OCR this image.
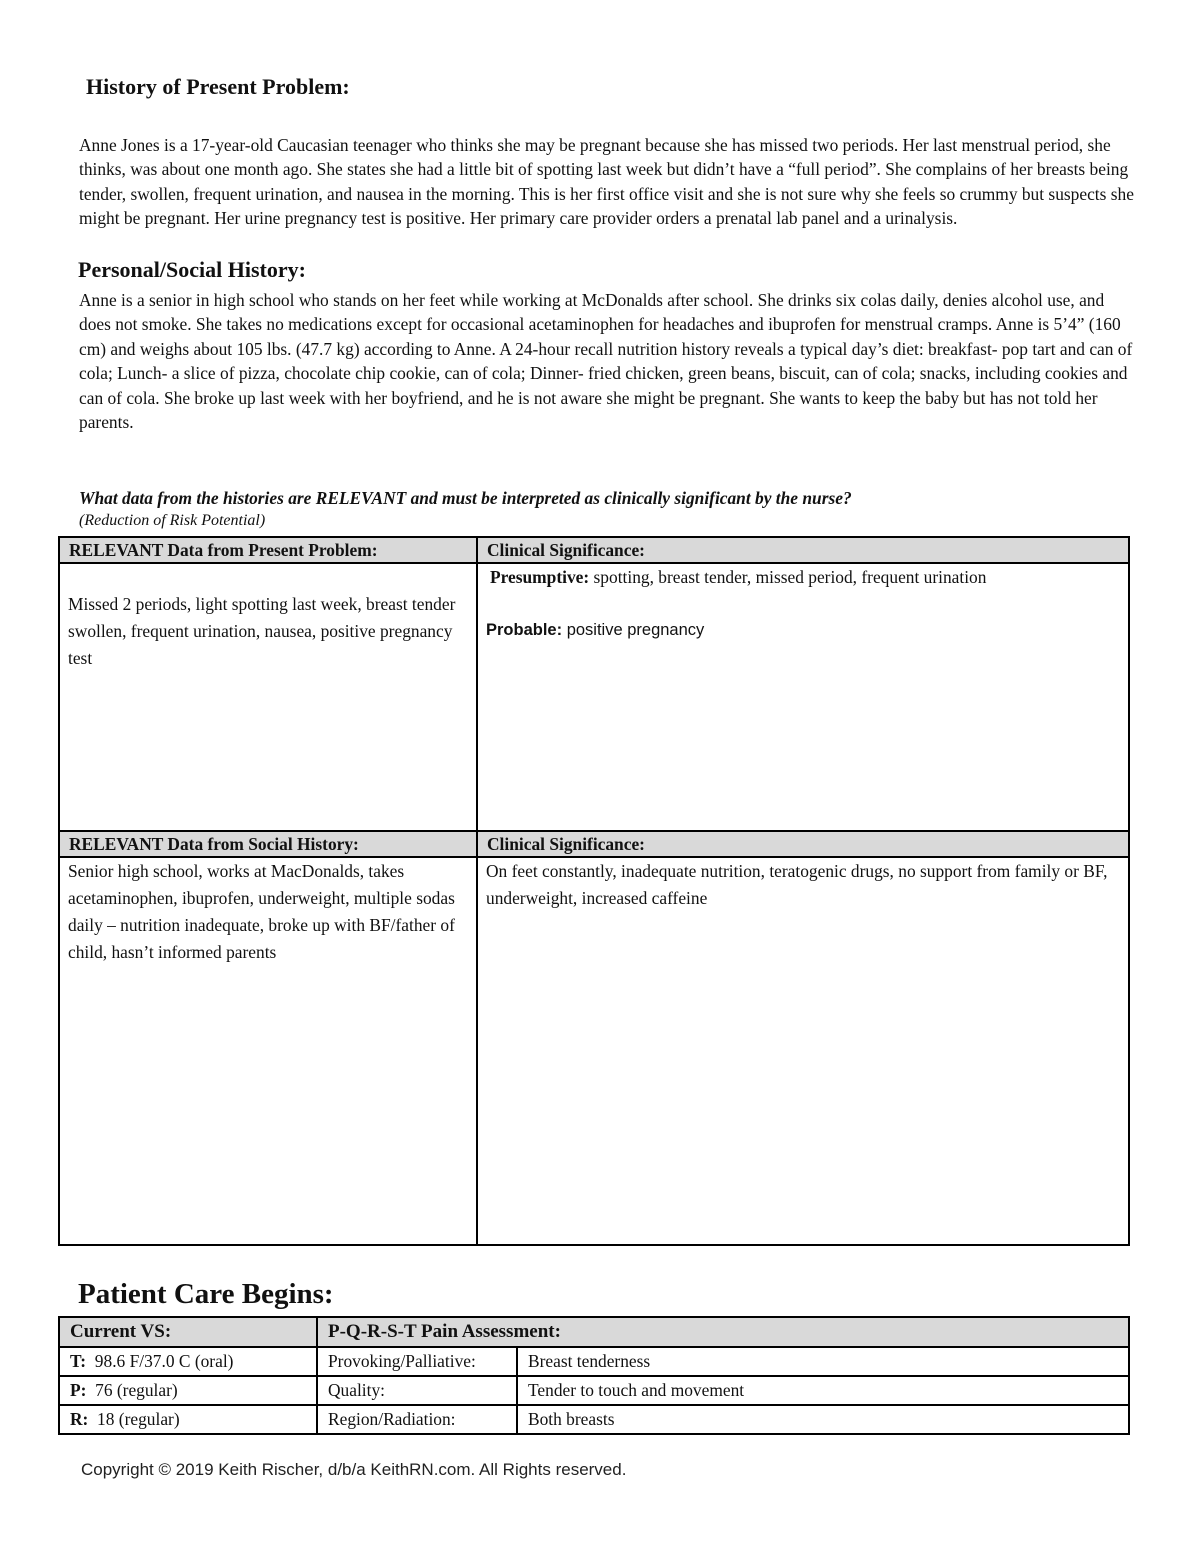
History of Present Problem:
Anne Jones is a 17-year-old Caucasian teenager who thinks she may be pregnant because she has missed two periods. Her last menstrual period, she thinks, was about one month ago. She states she had a little bit of spotting last week but didn’t have a “full period”. She complains of her breasts being tender, swollen, frequent urination, and nausea in the morning. This is her first office visit and she is not sure why she feels so crummy but suspects she might be pregnant. Her urine pregnancy test is positive. Her primary care provider orders a prenatal lab panel and a urinalysis.
Personal/Social History:
Anne is a senior in high school who stands on her feet while working at McDonalds after school. She drinks six colas daily, denies alcohol use, and does not smoke. She takes no medications except for occasional acetaminophen for headaches and ibuprofen for menstrual cramps. Anne is 5’4” (160 cm) and weighs about 105 lbs. (47.7 kg) according to Anne. A 24-hour recall nutrition history reveals a typical day’s diet: breakfast- pop tart and can of cola; Lunch- a slice of pizza, chocolate chip cookie, can of cola; Dinner- fried chicken, green beans, biscuit, can of cola; snacks, including cookies and can of cola. She broke up last week with her boyfriend, and he is not aware she might be pregnant. She wants to keep the baby but has not told her parents.
What data from the histories are RELEVANT and must be interpreted as clinically significant by the nurse?
(Reduction of Risk Potential)
RELEVANT Data from Present Problem:	Clinical Significance:

Missed 2 periods, light spotting last week, breast tender swollen, frequent urination, nausea, positive pregnancy test	Presumptive: spotting, breast tender, missed period, frequent urination
Probable: positive pregnancy

RELEVANT Data from Social History:	Clinical Significance:
Senior high school, works at MacDonalds, takes acetaminophen, ibuprofen, underweight, multiple sodas daily – nutrition inadequate, broke up with BF/father of child, hasn’t informed parents	On feet constantly, inadequate nutrition, teratogenic drugs, no support from family or BF, underweight, increased caffeine
Patient Care Begins:
Current VS:	P-Q-R-S-T Pain Assessment:	
T:  98.6 F/37.0 C (oral)	Provoking/Palliative:	Breast tenderness
P:  76 (regular)	Quality:	Tender to touch and movement
R:  18 (regular)	Region/Radiation:	Both breasts
Copyright © 2019 Keith Rischer, d/b/a KeithRN.com. All Rights reserved.
